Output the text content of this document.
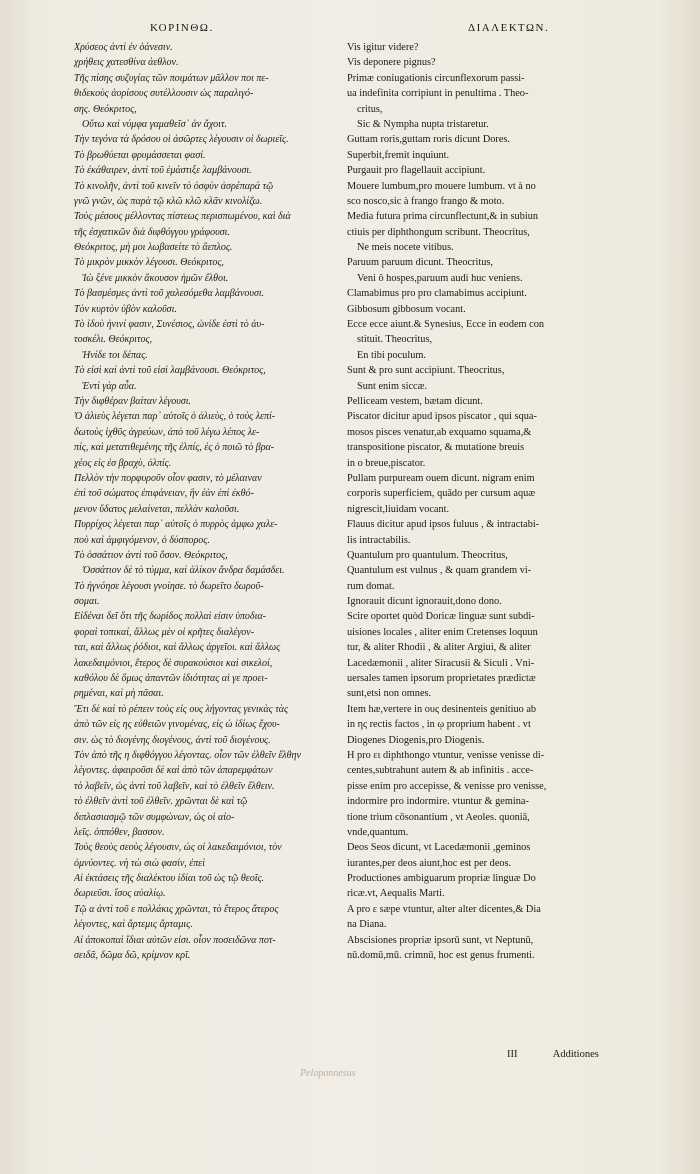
ΚΟΡΙΝΘΩ.	ΔΙΑΛΕΚΤΩΝ.
Χρύσεος ἀντὶ ἐν ὀάνεσιν.
χρήθεις χατεσθίνα ἀεθλον.
Τῆς πίσης συζυγίας τῶν ποιμάτων μᾶλλον ποι πε-
θιδεκοὺς ἀορίσους συτέλλουσιν ὡς παραλιγό-
σης. Θεόκριτος,
Οὕτω καὶ νύμφα γαμαθεῖσ᾽ ἀν ἄχοιτ.
Τὴν τεγόνα τὰ δρόσου οἱ ἀσῶρτες λέγουσιν οἱ δωριεῖς.
Τὸ βρωθύεται φρυμάσσεται φασί.
Τὸ ἐκάθαιρεν, ἀντὶ τοῦ ἐμάστιξε λαμβάνουσι.
Τὸ κινολῆν, ἀντὶ τοῦ κινεῖν τὸ ὀσφὺν ἀσρέπαρά τῷ
γνῶ γνῶν, ὡς παρὰ τῷ κλῶ κλῶ κλᾶν κινολίζω.
Τοὺς μέσους μέλλοντας πίστεως περισπωμένου, καὶ διὰ
τῆς ἐσχατικῶν διὰ διφθόγγου γράφουσι.
Θεόκριτος, μὴ μοι λωβασείτε τὸ ἄεπλος.
Τὸ μικρὸν μικκὸν λέγουσι. Θεόκριτος,
Ἰὼ ξένε μικκὸν ἄκουσον ἡμῶν ἔλθοι.
Τὸ βασμέσμες ἀντὶ τοῦ χαλεσόμεθα λαμβάνουσι.
Τὸν κυρτὸν ὑβὸν καλοῦσι.
Τὸ ἰδοὺ ἠνινί φασιν, Συνέσιος, ὡνίδε ἐστὶ τὸ ἀυ-
τοσκέλι. Θεόκριτος,
Ἠνίδε τοι δέπας.
Τὸ εἰσὶ καὶ ἀντὶ τοῦ εἰσὶ λαμβάνουσι. Θεόκριτος,
Ἐντὶ γὰρ αὖα.
Τὴν διφθέραν βαίταν λέγουσι.
Ὁ ἁλιεὺς λέγεται παρ᾽ αὐτοῖς ὁ ἀλιεὺς, ὁ τοὺς λεπί-
δωτοὺς ἰχθῦς ἀγρεύων, ἀπὸ τοῦ λέγω λέπος λε-
πίς, καὶ μετατιθεμένης τῆς ἐλπίς, ἐς ὁ ποιῶ τὸ βρα-
χέος εἰς ἐσ βραχὺ, ὀλπίς.
Πελλὸν τὴν πορφυροῦν οἷον φασιν, τὸ μέλαιναν
ἐπὶ τοῦ σώματος ἐπιφάνειαν, ἣν ἐὰν ἐπὶ ἐκθό-
μενον ὕδατος μελαίνεται, πελλὰν καλοῦσι.
Πυρρίχος λέγεται παρ᾽ αὐτοῖς ὁ πυρρὸς ἀμφω χαλε-
ποὺ καὶ ἀμφιγόμενον, ὁ δύσπορος.
Τὸ ὁσσάτιον ἀντὶ τοῦ ὅσον. Θεόκριτος,
Ὀσσάτιον δὲ τὸ τύμμα, καὶ ἀλίκον ἄνδρα δαμάσδει.
Τὸ ἠγνόησε λέγουσι γνοίησε. τὸ δωρεῖτο δωροῦ-
σομαι.
Εἰδέναι δεῖ ὅτι τῆς δωρίδος πολλαὶ εἰσιν ὑποδια-
φοραὶ τοπικαί, ἄλλως μὲν οἱ κρῆτες διαλέγον-
ται, καὶ ἄλλως ῥόδιοι, καὶ ἄλλως ἀργεῖοι. καὶ ἄλλως
λακεδαιμόνιοι, ἕτερος δὲ συρακούσιοι καὶ σικελοί,
καθόλου δὲ ὅμως ἀπαντῶν ἰδιότητας αἱ γε προει-
ρημέναι, καὶ μὴ πᾶσαι.
Ἔτι δὲ καὶ τὸ ρέπειν τοὺς εἰς ους λήγοντας γενικὰς τὰς
ἀπὸ τῶν εἰς ης εὐθειῶν γινομένας, εἰς ὠ ἰδίως ἔχου-
σιν. ὡς τὸ διογένης διογένους, ἀντὶ τοῦ διογένους.
Τὸν ἀπὸ τῆς η διφθόγγου λέγοντας. οἷον τῶν ἐλθεῖν ἔλθην
λέγοντες. ἀφαιροῦσι δὲ καὶ ἀπὸ τῶν ἀπαρεμφάτων
τὸ λαβεῖν, ὡς ἀντὶ τοῦ λαβεῖν, καὶ τὸ ἐλθεῖν ἔλθειν.
τὸ ἐλθεῖν ἀντὶ τοῦ ἐλθεῖν. χρῶνται δὲ καὶ τῷ
διπλασιασμῷ τῶν συμφώνων, ὡς οἱ αἰο-
λεῖς. ὁππόθεν, βασσον.
Τοὺς θεοὺς σεοὺς λέγουσιν, ὡς οἱ λακεδαιμόνιοι, τὸν
ὀμνύοντες. νὴ τὼ σιὼ φασίν, ἐπεὶ
Αἱ ἐκτάσεις τῆς διαλέκτου ἰδίαι τοῦ ὡς τῷ θεοῖς.
δωριεῦσι. ἴσος αὐαλίῳ.
Τῷ α ἀντὶ τοῦ ε πολλάκις χρῶνται, τὸ ἕτερος ἄτερος
λέγοντες, καὶ ἄρτεμις ἄρταμις.
Αἱ ἀποκοπαὶ ἴδιαι αὐτῶν εἰσι. οἷον ποσειδῶνα ποτ-
σειδᾶ, δῶμα δῶ, κρίμνον κρῖ.
Vis igitur videre?
Vis deponere pignus?
Primæ coniugationis circunflexorum passi-
ua indefinita corripiunt in penultima . Theo-
critus,
Sic & Nympha nupta tristaretur.
Guttam roris,guttam roris dicunt Dores.
Superbit,fremit inquiunt.
Purgauit pro flagellauit accipiunt.
Mouere lumbum,pro mouere lumbum. vt à no
sco nosco,sic à frango frango & moto.
Media futura prima circunflectunt,& in subiun
ctiuis per diphthongum scribunt. Theocritus,
Ne meis nocete vitibus.
Paruum paruum dicunt. Theocritus,
Veni ô hospes,paruum audi huc veniens.
Clamabimus pro pro clamabimus accipiunt.
Gibbosum gibbosum vocant.
Ecce ecce aiunt.& Synesius, Ecce in eodem con
stituit. Theocritus,
En tibi poculum.
Sunt & pro sunt accipiunt. Theocritus,
Sunt enim siccæ.
Pelliceam vestem, bætam dicunt.
Piscator dicitur apud ipsos piscator , qui squa-
mosos pisces venatur,ab exquamo squama,&
transpositione piscator, & mutatione breuis
in o breue,piscator.
Pullam purpuream ouem dicunt. nigram enim
corporis superficiem, quādo per cursum aquæ
nigrescit,liuidam vocant.
Flauus dicitur apud ipsos fuluus , & intractabi-
lis intractabilis.
Quantulum pro quantulum. Theocritus,
Quantulum est vulnus , & quam grandem vi-
rum domat.
Ignorauit dicunt ignorauit,dono dono.
Scire oportet quòd Doricæ linguæ sunt subdi-
uisiones locales , aliter enim Cretenses loquun
tur, & aliter Rhodii , & aliter Argiui, & aliter
Lacedæmonii , aliter Siracusii & Siculi . Vni-
uersales tamen ipsorum proprietates prædictæ
sunt,etsi non omnes.
Item hæ,vertere in ους desinenteis genitiuo ab
in ης rectis factos , in ῳ proprium habent . vt
Diogenes Diogenis,pro Diogenis.
H pro ει diphthongo vtuntur, venisse venisse di-
centes,subtrahunt autem & ab infinitis . acce-
pisse enim pro accepisse, & venisse pro venisse,
indormire pro indormire. vtuntur & gemina-
tione trium cōsonantium , vt Aeoles. quoniā,
vnde,quantum.
Deos Seos dicunt, vt Lacedæmonii ,geminos
iurantes,per deos aiunt,hoc est per deos.
Productiones ambiguarum propriæ linguæ Do
ricæ.vt, Aequalis Marti.
A pro ε sæpe vtuntur, alter alter dicentes,& Dia
na Diana.
Abscisiones propriæ ipsorū sunt, vt Neptunū,
nū.domū,mū. crimnū, hoc est genus frumenti.
III	Additiones
Peloponnesus
